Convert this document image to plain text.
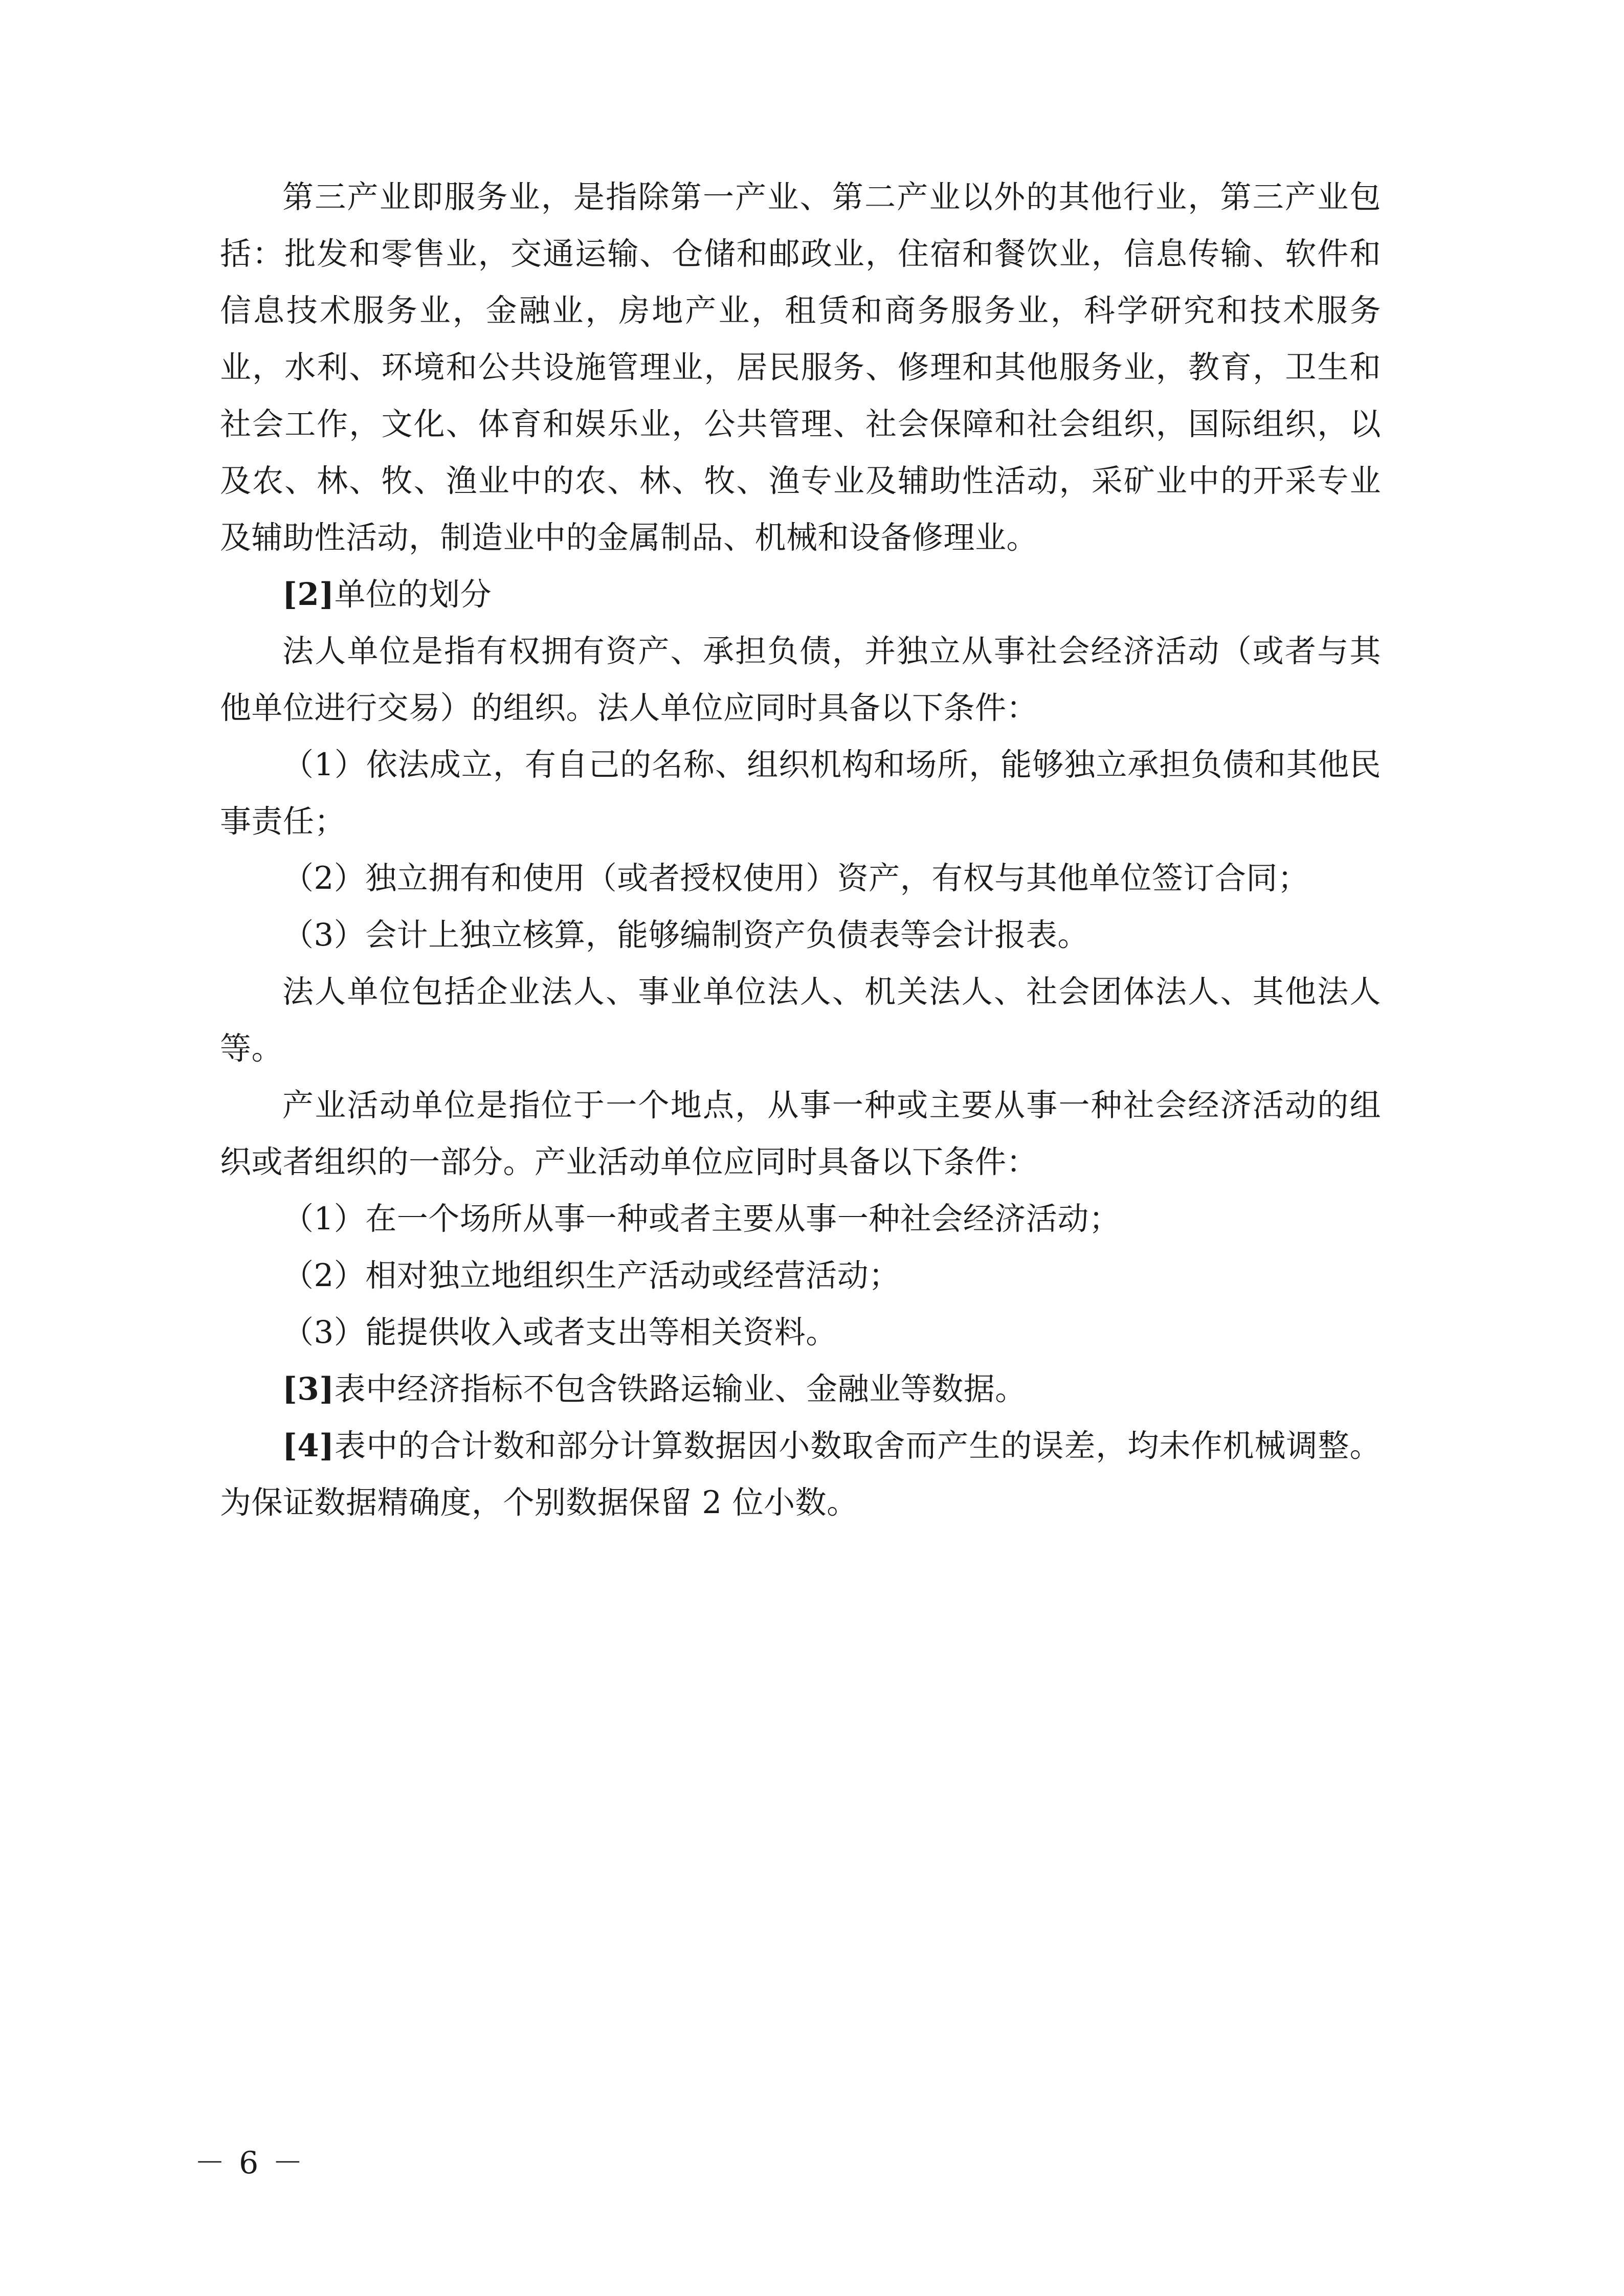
第三产业即服务业，是指除第一产业、第二产业以外的其他行业，第三产业包括：批发和零售业，交通运输、仓储和邮政业，住宿和餐饮业，信息传输、软件和信息技术服务业，金融业，房地产业，租赁和商务服务业，科学研究和技术服务业，水利、环境和公共设施管理业，居民服务、修理和其他服务业，教育，卫生和社会工作，文化、体育和娱乐业，公共管理、社会保障和社会组织，国际组织，以及农、林、牧、渔业中的农、林、牧、渔专业及辅助性活动，采矿业中的开采专业及辅助性活动，制造业中的金属制品、机械和设备修理业。

[2]单位的划分

法人单位是指有权拥有资产、承担负债，并独立从事社会经济活动（或者与其他单位进行交易）的组织。法人单位应同时具备以下条件：

（1）依法成立，有自己的名称、组织机构和场所，能够独立承担负债和其他民事责任；

（2）独立拥有和使用（或者授权使用）资产，有权与其他单位签订合同；

（3）会计上独立核算，能够编制资产负债表等会计报表。

法人单位包括企业法人、事业单位法人、机关法人、社会团体法人、其他法人等。

产业活动单位是指位于一个地点，从事一种或主要从事一种社会经济活动的组织或者组织的一部分。产业活动单位应同时具备以下条件：

（1）在一个场所从事一种或者主要从事一种社会经济活动；

（2）相对独立地组织生产活动或经营活动；

（3）能提供收入或者支出等相关资料。

[3]表中经济指标不包含铁路运输业、金融业等数据。

[4]表中的合计数和部分计算数据因小数取舍而产生的误差，均未作机械调整。为保证数据精确度，个别数据保留 2 位小数。

－ 6 －
